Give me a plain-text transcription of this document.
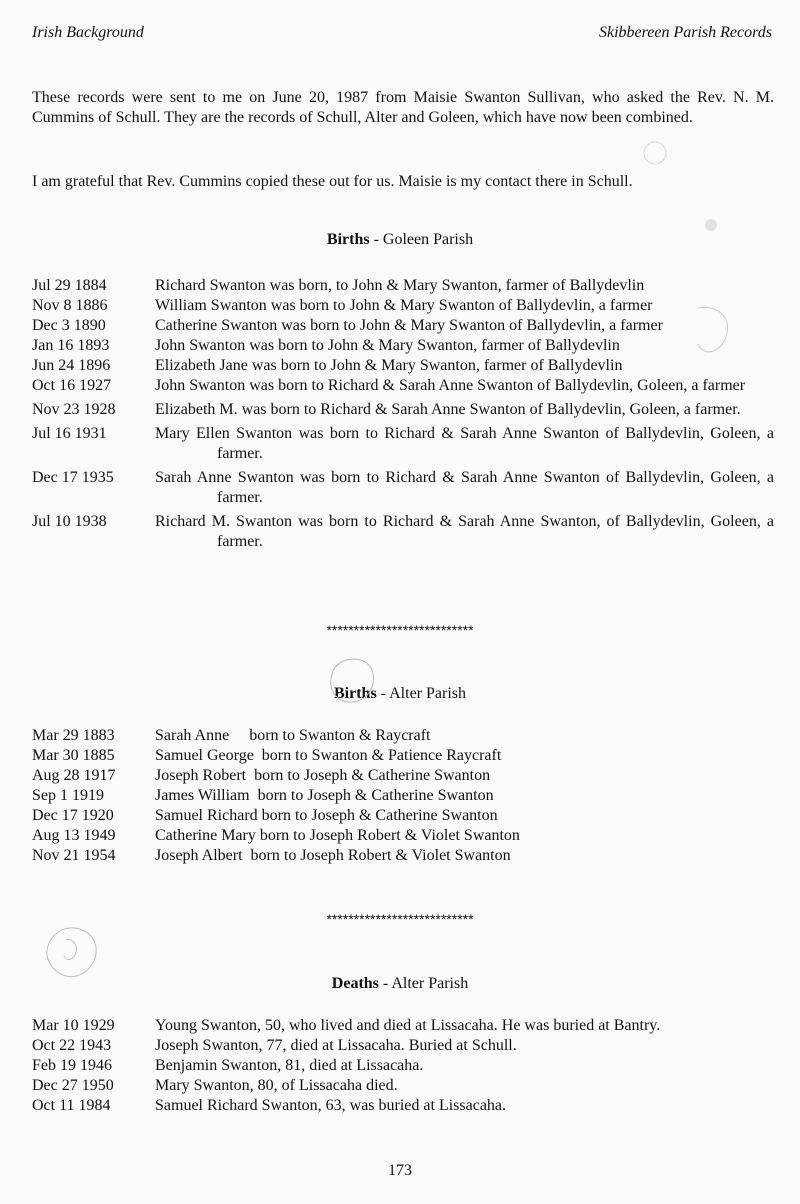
Irish Background	Skibbereen Parish Records

These records were sent to me on June 20, 1987 from Maisie Swanton Sullivan, who asked the Rev. N. M. Cummins of Schull. They are the records of Schull, Alter and Goleen, which have now been combined.

I am grateful that Rev. Cummins copied these out for us. Maisie is my contact there in Schull.

Births - Goleen Parish
Jul 29 1884	Richard Swanton was born, to John & Mary Swanton, farmer of Ballydevlin
Nov 8 1886	William Swanton was born to John & Mary Swanton of Ballydevlin, a farmer
Dec 3 1890	Catherine Swanton was born to John & Mary Swanton of Ballydevlin, a farmer
Jan 16 1893	John Swanton was born to John & Mary Swanton, farmer of Ballydevlin
Jun 24 1896	Elizabeth Jane was born to John & Mary Swanton, farmer of Ballydevlin
Oct 16 1927	John Swanton was born to Richard & Sarah Anne Swanton of Ballydevlin, Goleen, a farmer
Nov 23 1928	Elizabeth M. was born to Richard & Sarah Anne Swanton of Ballydevlin, Goleen, a farmer.
Jul 16 1931	Mary Ellen Swanton was born to Richard & Sarah Anne Swanton of Ballydevlin, Goleen, a farmer.
Dec 17 1935	Sarah Anne Swanton was born to Richard & Sarah Anne Swanton of Ballydevlin, Goleen, a farmer.
Jul 10 1938	Richard M. Swanton was born to Richard & Sarah Anne Swanton, of Ballydevlin, Goleen, a farmer.
***************************
Births - Alter Parish
Mar 29 1883	Sarah Anne     born to Swanton & Raycraft
Mar 30 1885	Samuel George  born to Swanton & Patience Raycraft
Aug 28 1917	Joseph Robert  born to Joseph & Catherine Swanton
Sep 1 1919	James William  born to Joseph & Catherine Swanton
Dec 17 1920	Samuel Richard born to Joseph & Catherine Swanton
Aug 13 1949	Catherine Mary born to Joseph Robert & Violet Swanton
Nov 21 1954	Joseph Albert  born to Joseph Robert & Violet Swanton
***************************
Deaths - Alter Parish
Mar 10 1929	Young Swanton, 50, who lived and died at Lissacaha. He was buried at Bantry.
Oct 22 1943	Joseph Swanton, 77, died at Lissacaha. Buried at Schull.
Feb 19 1946	Benjamin Swanton, 81, died at Lissacaha.
Dec 27 1950	Mary Swanton, 80, of Lissacaha died.
Oct 11 1984	Samuel Richard Swanton, 63, was buried at Lissacaha.
173
